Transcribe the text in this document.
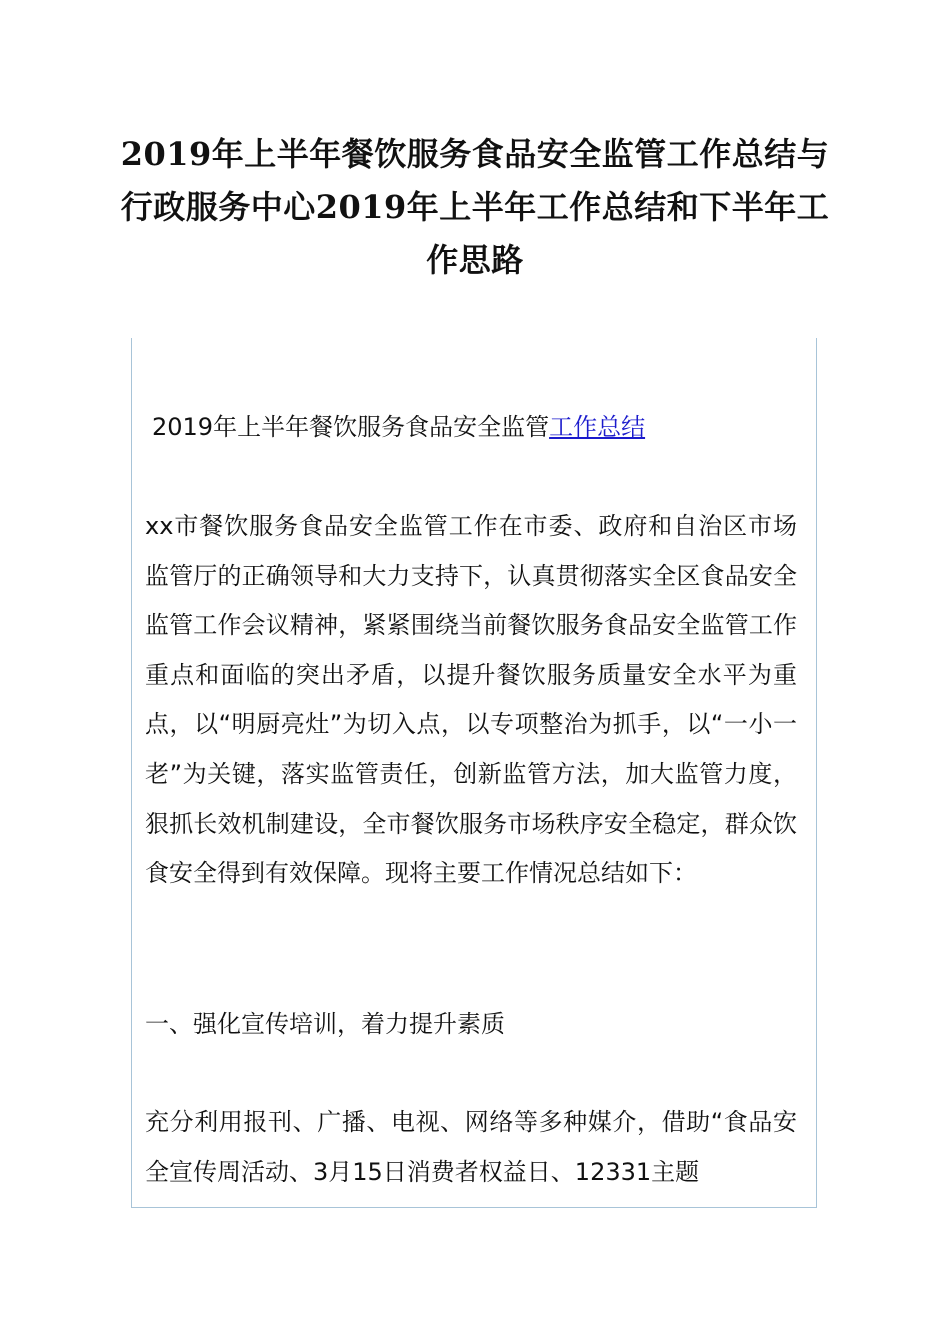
2019年上半年餐饮服务食品安全监管工作总结与行政服务中心2019年上半年工作总结和下半年工作思路
2019年上半年餐饮服务食品安全监管工作总结

xx市餐饮服务食品安全监管工作在市委、政府和自治区市场监管厅的正确领导和大力支持下，认真贯彻落实全区食品安全监管工作会议精神，紧紧围绕当前餐饮服务食品安全监管工作重点和面临的突出矛盾，以提升餐饮服务质量安全水平为重点，以“明厨亮灶”为切入点，以专项整治为抓手，以“一小一老”为关键，落实监管责任，创新监管方法，加大监管力度，狠抓长效机制建设，全市餐饮服务市场秩序安全稳定，群众饮食安全得到有效保障。现将主要工作情况总结如下：

一、强化宣传培训，着力提升素质

充分利用报刊、广播、电视、网络等多种媒介，借助“食品安全宣传周活动、3月15日消费者权益日、12331主题
